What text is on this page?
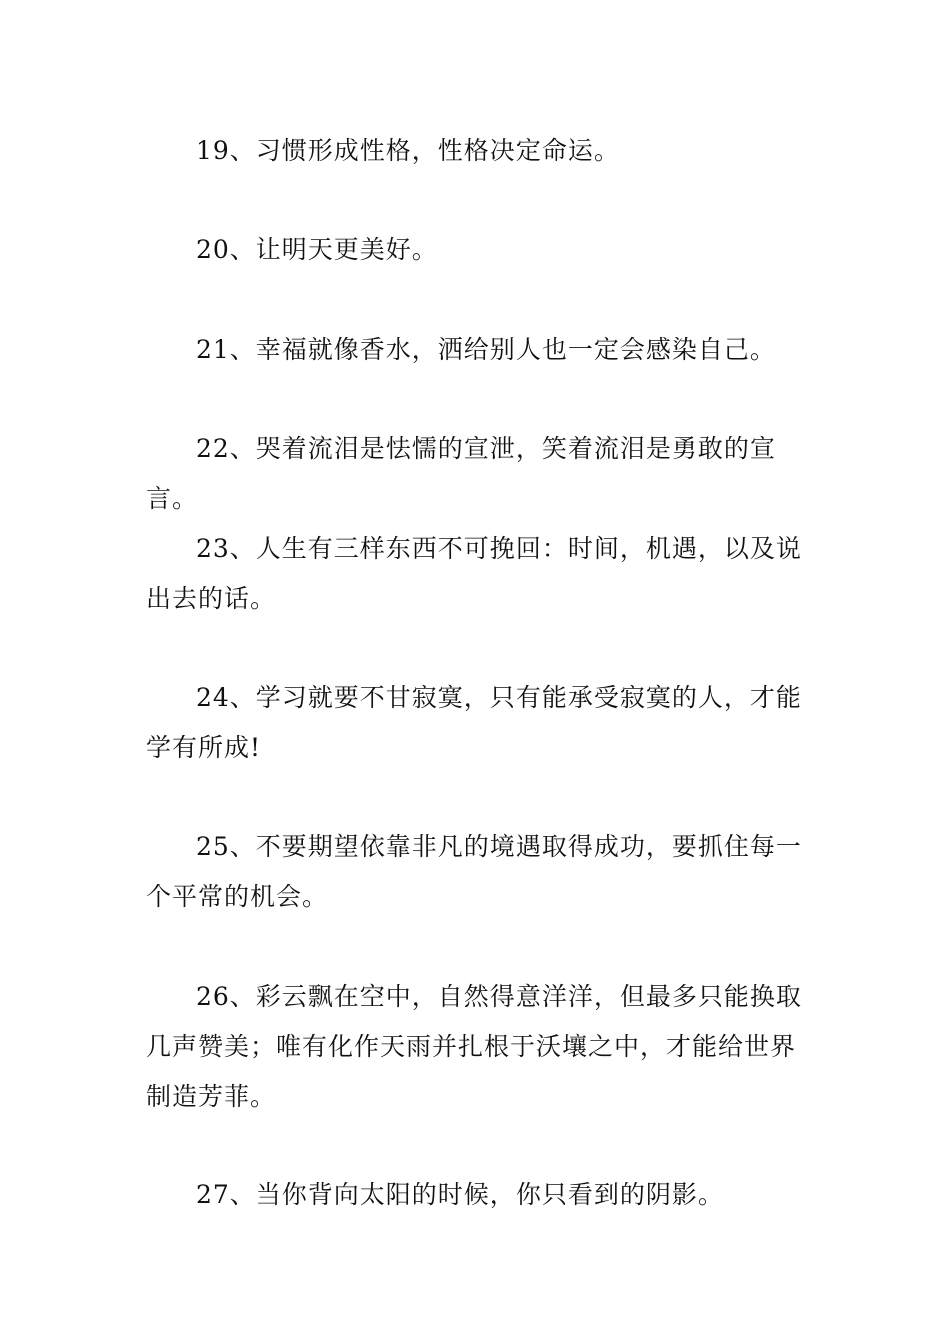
19、习惯形成性格，性格决定命运。

20、让明天更美好。

21、幸福就像香水，洒给别人也一定会感染自己。

22、哭着流泪是怯懦的宣泄，笑着流泪是勇敢的宣言。

23、人生有三样东西不可挽回：时间，机遇，以及说出去的话。

24、学习就要不甘寂寞，只有能承受寂寞的人，才能学有所成!

25、不要期望依靠非凡的境遇取得成功，要抓住每一个平常的机会。

26、彩云飘在空中，自然得意洋洋，但最多只能换取几声赞美；唯有化作天雨并扎根于沃壤之中，才能给世界制造芳菲。

27、当你背向太阳的时候，你只看到的阴影。
